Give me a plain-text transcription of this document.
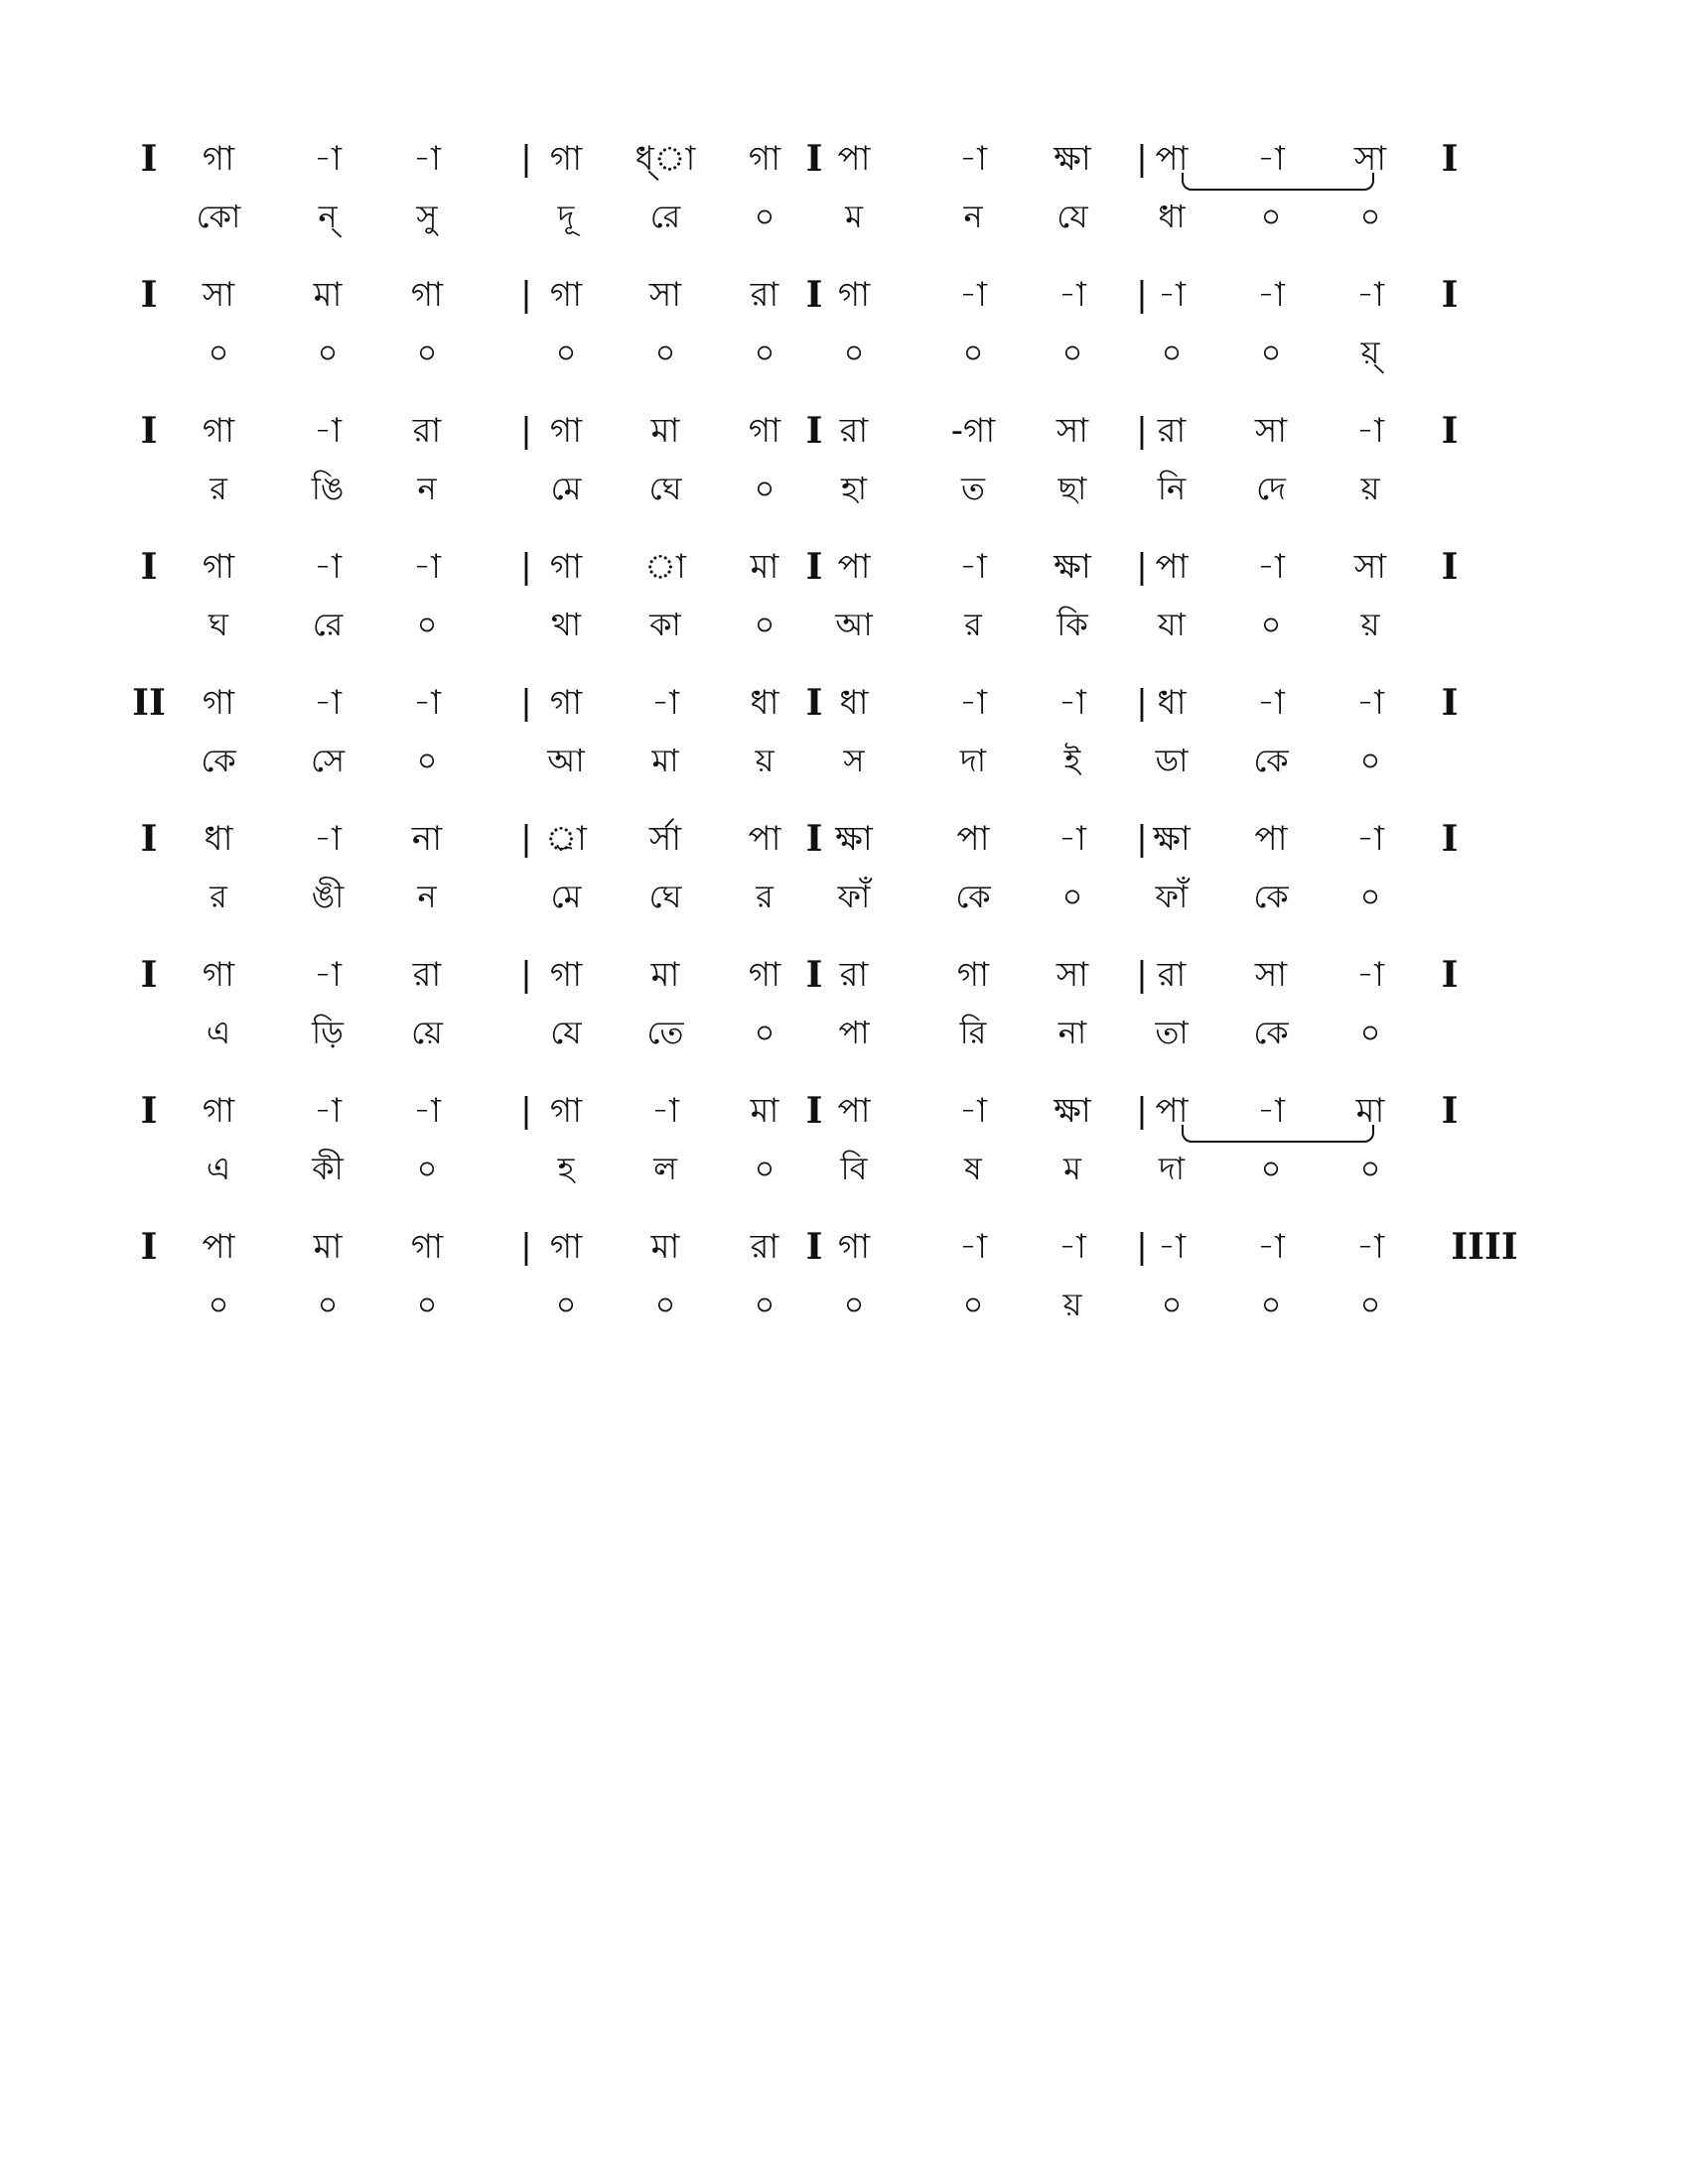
I	|	I	|	I
গা	-া	-া	গা	ধ্া	গা	পা	-া	ক্ষা	পা	-া	সা
কো	ন্	সু	দূ	রে	০	ম	ন	যে	ধা	০	০
I	|	I	|	I
সা	মা	গা	গা	সা	রা	গা	-া	-া	-া	-া	-া
০	০	০	০	০	০	০	০	০	০	০	য়্
I	|	I	|	I
গা	-া	রা	গা	মা	গা	রা	-গা	সা	রা	সা	-া
র	ঙি	ন	মে	ঘে	০	হা	ত	ছা	নি	দে	য়
I	|	I	|	I
গা	-া	-া	গা	া	মা	পা	-া	ক্ষা	পা	-া	সা
ঘ	রে	০	থা	কা	০	আ	র	কি	যা	০	য়
II	|	I	|	I
গা	-া	-া	গা	-া	ধা	ধা	-া	-া	ধা	-া	-া
কে	সে	০	আ	মা	য়	স	দা	ই	ডা	কে	০
I	|	I	|	I
ধা	-া	না	র্া	র্সা	পা	ক্ষা	পা	-া	ক্ষা	পা	-া
র	ঙী	ন	মে	ঘে	র	ফাঁ	কে	০	ফাঁ	কে	০
I	|	I	|	I
গা	-া	রা	গা	মা	গা	রা	গা	সা	রা	সা	-া
এ	ড়ি	য়ে	যে	তে	০	পা	রি	না	তা	কে	০
I	|	I	|	I
গা	-া	-া	গা	-া	মা	পা	-া	ক্ষা	পা	-া	মা
এ	কী	০	হ	ল	০	বি	ষ	ম	দা	০	০
I	|	I	|	IIII
পা	মা	গা	গা	মা	রা	গা	-া	-া	-া	-া	-া
০	০	০	০	০	০	০	০	য়	০	০	০
